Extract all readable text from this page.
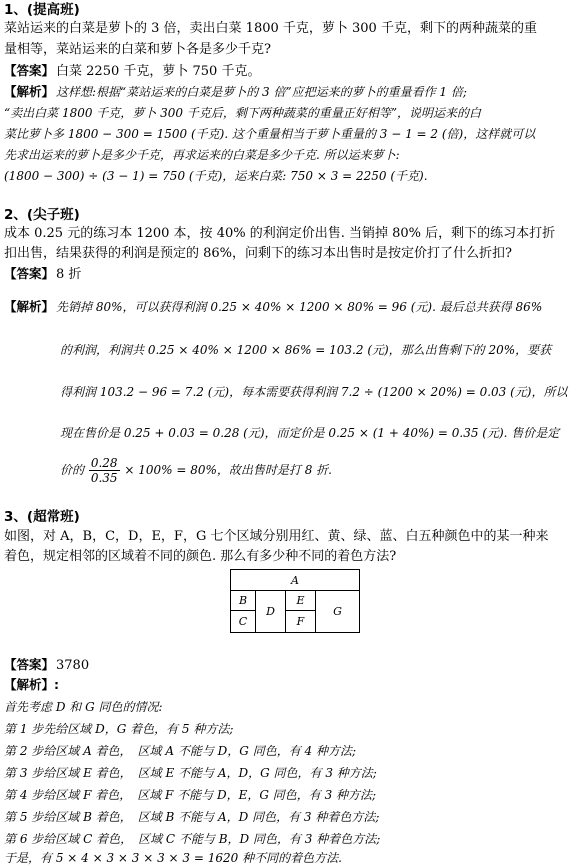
1、(提高班)
菜站运来的白菜是萝卜的 3 倍，卖出白菜 1800 千克，萝卜 300 千克，剩下的两种蔬菜的重
量相等，菜站运来的白菜和萝卜各是多少千克?
【答案】 白菜 2250 千克，萝卜 750 千克。
【解析】 这样想:根据“菜站运来的白菜是萝卜的 3 倍”应把运来的萝卜的重量看作 1 倍;
“卖出白菜 1800 千克，萝卜 300 千克后，剩下两种蔬菜的重量正好相等”，说明运来的白
菜比萝卜多 1800 − 300 = 1500 (千克). 这个重量相当于萝卜重量的 3 − 1 = 2 (倍)，这样就可以
先求出运来的萝卜是多少千克，再求运来的白菜是多少千克. 所以运来萝卜:
(1800 − 300) ÷ (3 − 1) = 750 (千克)，运来白菜: 750 × 3 = 2250 (千克).
2、(尖子班)
成本 0.25 元的练习本 1200 本，按 40% 的利润定价出售. 当销掉 80% 后，剩下的练习本打折
扣出售，结果获得的利润是预定的 86%，问剩下的练习本出售时是按定价打了什么折扣?
【答案】 8 折
【解析】 先销掉 80%，可以获得利润 0.25 × 40% × 1200 × 80% = 96 (元). 最后总共获得 86%
的利润，利润共 0.25 × 40% × 1200 × 86% = 103.2 (元)，那么出售剩下的 20%，要获
得利润 103.2 − 96 = 7.2 (元)，每本需要获得利润 7.2 ÷ (1200 × 20%) = 0.03 (元)，所以
现在售价是 0.25 + 0.03 = 0.28 (元)，而定价是 0.25 × (1 + 40%) = 0.35 (元). 售价是定
价的 $\frac{0.28}{0.35} \times 100\% = 80\%$，故出售时是打 8 折.
3、(超常班)
如图，对 A，B，C，D，E，F，G 七个区域分别用红、黄、绿、蓝、白五种颜色中的某一种来
着色，规定相邻的区域着不同的颜色. 那么有多少种不同的着色方法?
A
B
C
D
E
F
G
【答案】 3780
【解析】:
首先考虑 D 和 G 同色的情况:
第 1 步先给区域 D，G 着色，有 5 种方法;
第 2 步给区域 A 着色，　区域 A 不能与 D，G 同色，有 4 种方法;
第 3 步给区域 E 着色，　区域 E 不能与 A，D，G 同色，有 3 种方法;
第 4 步给区域 F 着色，　区域 F 不能与 D，E，G 同色，有 3 种方法;
第 5 步给区域 B 着色，　区域 B 不能与 A，D 同色，有 3 种着色方法;
第 6 步给区域 C 着色，　区域 C 不能与 B，D 同色，有 3 种着色方法;
于是，有 5 × 4 × 3 × 3 × 3 × 3 = 1620 种不同的着色方法.
